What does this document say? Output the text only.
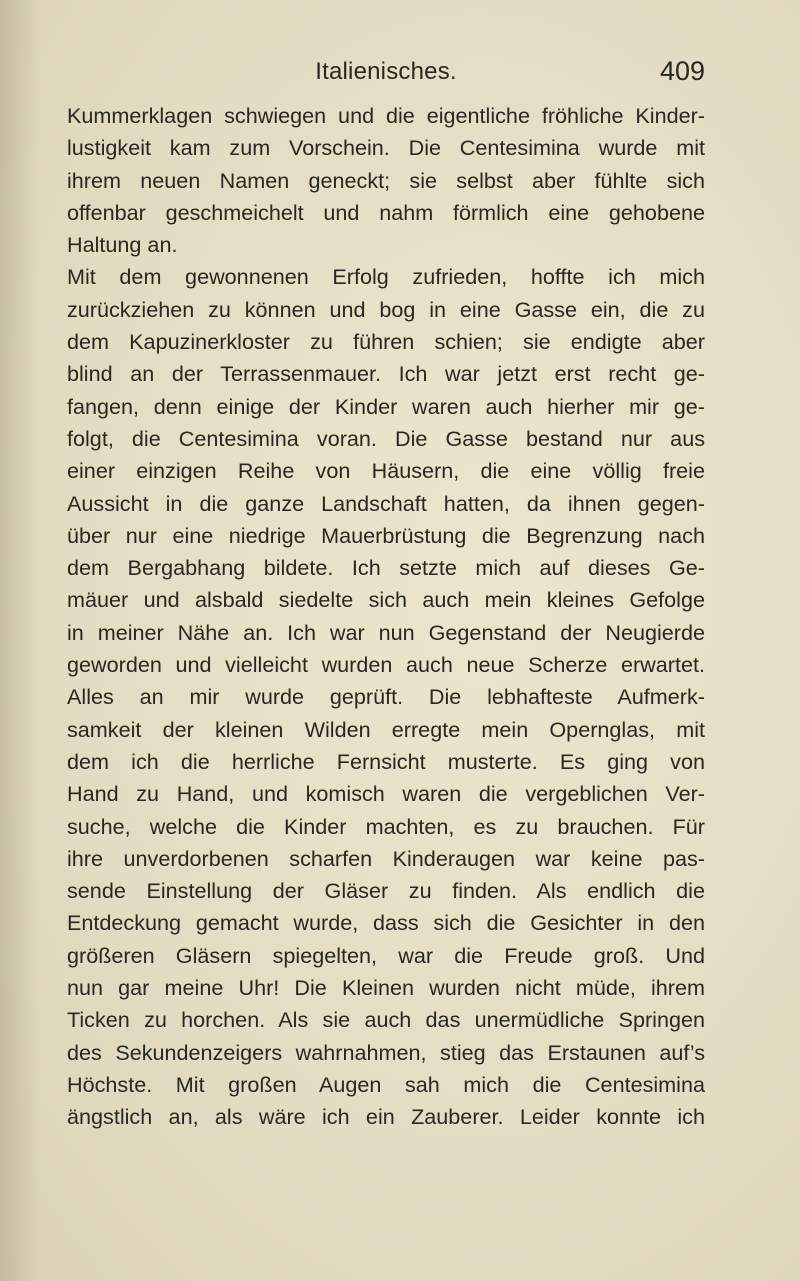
Italienisches.	409
Kummerklagen schwiegen und die eigentliche fröhliche Kinder-
lustigkeit kam zum Vorschein. Die Centesimina wurde mit
ihrem neuen Namen geneckt; sie selbst aber fühlte sich
offenbar geschmeichelt und nahm förmlich eine gehobene
Haltung an.
Mit dem gewonnenen Erfolg zufrieden, hoffte ich mich
zurückziehen zu können und bog in eine Gasse ein, die zu
dem Kapuzinerkloster zu führen schien; sie endigte aber
blind an der Terrassenmauer. Ich war jetzt erst recht ge-
fangen, denn einige der Kinder waren auch hierher mir ge-
folgt, die Centesimina voran. Die Gasse bestand nur aus
einer einzigen Reihe von Häusern, die eine völlig freie
Aussicht in die ganze Landschaft hatten, da ihnen gegen-
über nur eine niedrige Mauerbrüstung die Begrenzung nach
dem Bergabhang bildete. Ich setzte mich auf dieses Ge-
mäuer und alsbald siedelte sich auch mein kleines Gefolge
in meiner Nähe an. Ich war nun Gegenstand der Neugierde
geworden und vielleicht wurden auch neue Scherze erwartet.
Alles an mir wurde geprüft. Die lebhafteste Aufmerk-
samkeit der kleinen Wilden erregte mein Opernglas, mit
dem ich die herrliche Fernsicht musterte. Es ging von
Hand zu Hand, und komisch waren die vergeblichen Ver-
suche, welche die Kinder machten, es zu brauchen. Für
ihre unverdorbenen scharfen Kinderaugen war keine pas-
sende Einstellung der Gläser zu finden. Als endlich die
Entdeckung gemacht wurde, dass sich die Gesichter in den
größeren Gläsern spiegelten, war die Freude groß. Und
nun gar meine Uhr! Die Kleinen wurden nicht müde, ihrem
Ticken zu horchen. Als sie auch das unermüdliche Springen
des Sekundenzeigers wahrnahmen, stieg das Erstaunen auf’s
Höchste. Mit großen Augen sah mich die Centesimina
ängstlich an, als wäre ich ein Zauberer. Leider konnte ich
